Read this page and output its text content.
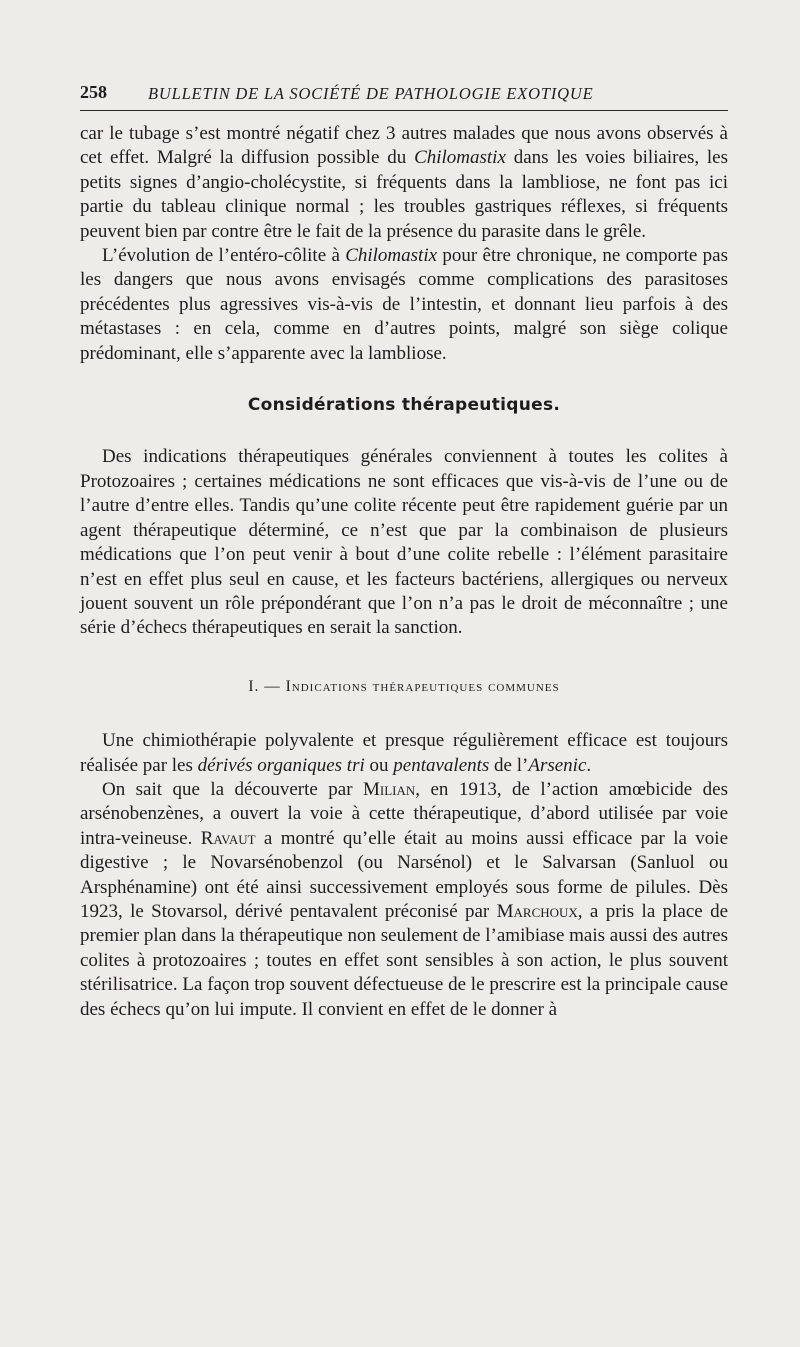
258 BULLETIN DE LA SOCIÉTÉ DE PATHOLOGIE EXOTIQUE

car le tubage s’est montré négatif chez 3 autres malades que nous avons observés à cet effet. Malgré la diffusion possible du Chilomastix dans les voies biliaires, les petits signes d’angio-cholécystite, si fréquents dans la lambliose, ne font pas ici partie du tableau clinique normal ; les troubles gastriques réflexes, si fréquents peuvent bien par contre être le fait de la présence du parasite dans le grêle.

L’évolution de l’entéro-côlite à Chilomastix pour être chronique, ne comporte pas les dangers que nous avons envisagés comme complications des parasitoses précédentes plus agressives vis-à-vis de l’intestin, et donnant lieu parfois à des métastases : en cela, comme en d’autres points, malgré son siège colique prédominant, elle s’apparente avec la lambliose.

Considérations thérapeutiques.

Des indications thérapeutiques générales conviennent à toutes les colites à Protozoaires ; certaines médications ne sont efficaces que vis-à-vis de l’une ou de l’autre d’entre elles. Tandis qu’une colite récente peut être rapidement guérie par un agent thérapeutique déterminé, ce n’est que par la combinaison de plusieurs médications que l’on peut venir à bout d’une colite rebelle : l’élément parasitaire n’est en effet plus seul en cause, et les facteurs bactériens, allergiques ou nerveux jouent souvent un rôle prépondérant que l’on n’a pas le droit de méconnaître ; une série d’échecs thérapeutiques en serait la sanction.

I. — Indications thérapeutiques communes

Une chimiothérapie polyvalente et presque régulièrement efficace est toujours réalisée par les dérivés organiques tri ou pentavalents de l’Arsenic.

On sait que la découverte par Milian, en 1913, de l’action amœbicide des arsénobenzènes, a ouvert la voie à cette thérapeutique, d’abord utilisée par voie intra-veineuse. Ravaut a montré qu’elle était au moins aussi efficace par la voie digestive ; le Novarsénobenzol (ou Narsénol) et le Salvarsan (Sanluol ou Arsphénamine) ont été ainsi successivement employés sous forme de pilules. Dès 1923, le Stovarsol, dérivé pentavalent préconisé par Marchoux, a pris la place de premier plan dans la thérapeutique non seulement de l’amibiase mais aussi des autres colites à protozoaires ; toutes en effet sont sensibles à son action, le plus souvent stérilisatrice. La façon trop souvent défectueuse de le prescrire est la principale cause des échecs qu’on lui impute. Il convient en effet de le donner à
